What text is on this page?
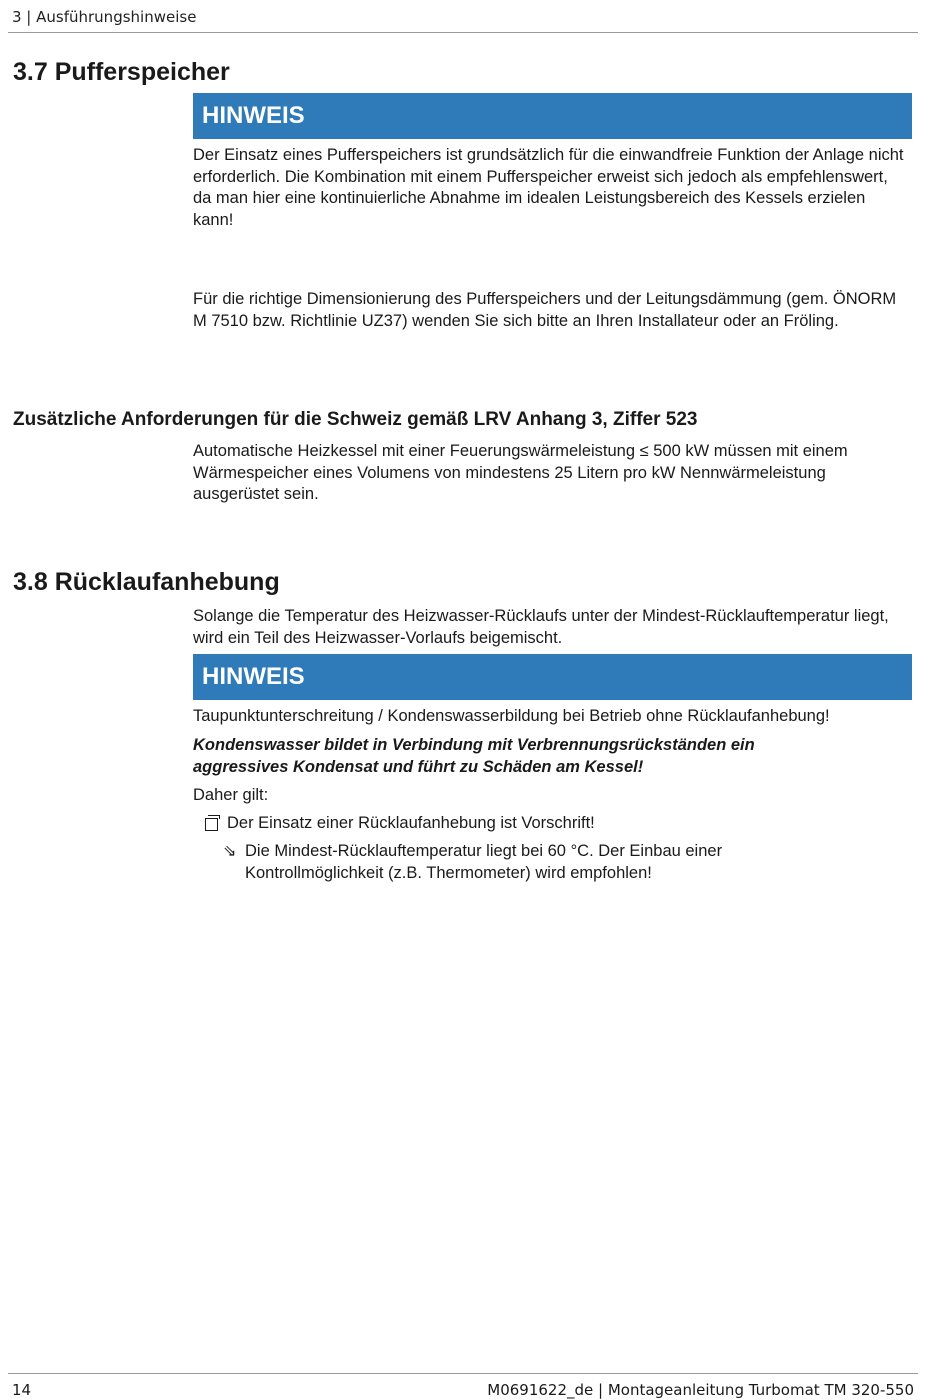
3 | Ausführungshinweise
3.7 Pufferspeicher
HINWEIS

Der Einsatz eines Pufferspeichers ist grundsätzlich für die einwandfreie Funktion der Anlage nicht erforderlich. Die Kombination mit einem Pufferspeicher erweist sich jedoch als empfehlenswert, da man hier eine kontinuierliche Abnahme im idealen Leistungsbereich des Kessels erzielen kann!

Für die richtige Dimensionierung des Pufferspeichers und der Leitungsdämmung (gem. ÖNORM M 7510 bzw. Richtlinie UZ37) wenden Sie sich bitte an Ihren Installateur oder an Fröling.

Zusätzliche Anforderungen für die Schweiz gemäß LRV Anhang 3, Ziffer 523

Automatische Heizkessel mit einer Feuerungswärmeleistung ≤ 500 kW müssen mit einem Wärmespeicher eines Volumens von mindestens 25 Litern pro kW Nennwärmeleistung ausgerüstet sein.

3.8 Rücklaufanhebung

Solange die Temperatur des Heizwasser-Rücklaufs unter der Mindest-Rücklauftemperatur liegt, wird ein Teil des Heizwasser-Vorlaufs beigemischt.

HINWEIS

Taupunktunterschreitung / Kondenswasserbildung bei Betrieb ohne Rücklaufanhebung!

Kondenswasser bildet in Verbindung mit Verbrennungsrückständen ein aggressives Kondensat und führt zu Schäden am Kessel!

Daher gilt:

Der Einsatz einer Rücklaufanhebung ist Vorschrift!
⇘ Die Mindest-Rücklauftemperatur liegt bei 60 °C. Der Einbau einer Kontrollmöglichkeit (z.B. Thermometer) wird empfohlen!
14	M0691622_de | Montageanleitung Turbomat TM 320-550
